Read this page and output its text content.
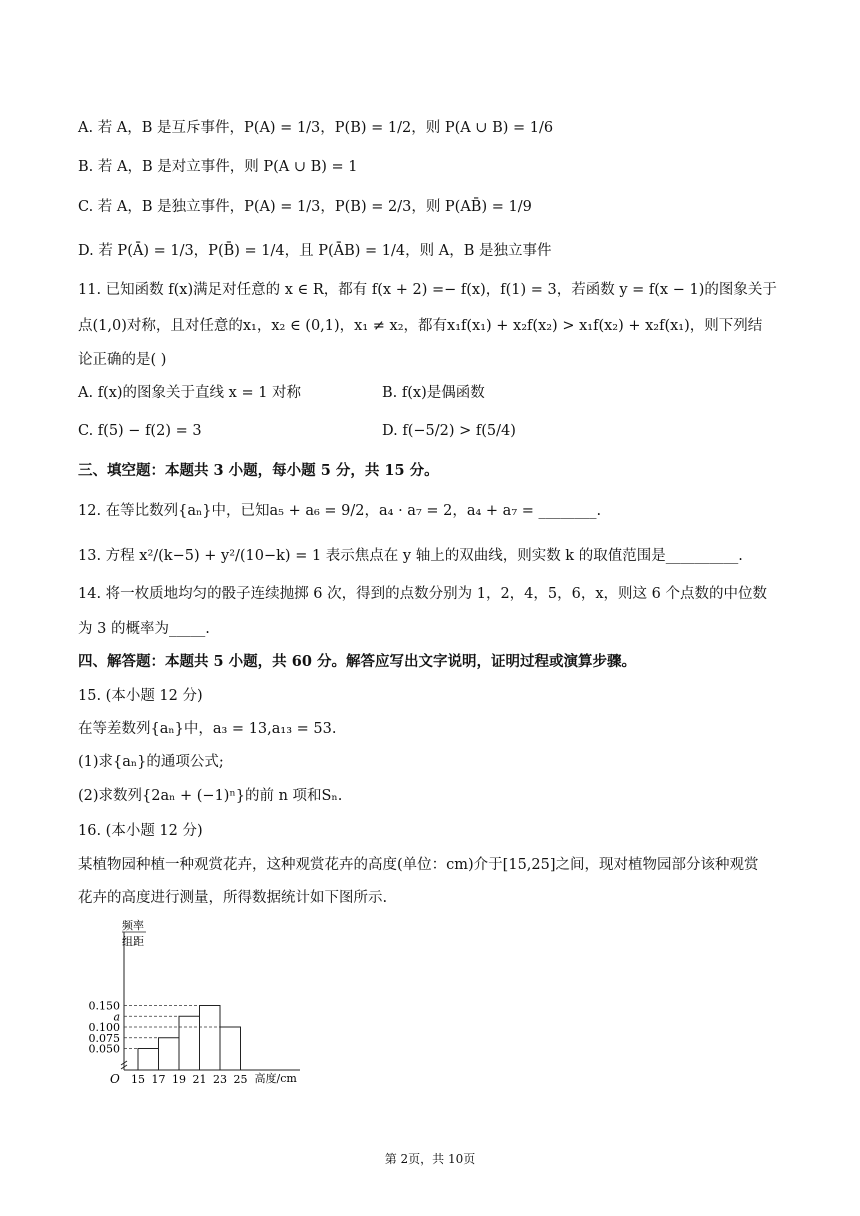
A. 若 A，B 是互斥事件，P(A) = 1/3，P(B) = 1/2，则 P(A ∪ B) = 1/6
B. 若 A，B 是对立事件，则 P(A ∪ B) = 1
C. 若 A，B 是独立事件，P(A) = 1/3，P(B) = 2/3，则 P(AB̄) = 1/9
D. 若 P(Ā) = 1/3，P(B̄) = 1/4，且 P(ĀB) = 1/4，则 A，B 是独立事件
11. 已知函数 f(x)满足对任意的 x ∈ R，都有 f(x + 2) =− f(x)，f(1) = 3，若函数 y = f(x − 1)的图象关于
点(1,0)对称，且对任意的x₁，x₂ ∈ (0,1)，x₁ ≠ x₂，都有x₁f(x₁) + x₂f(x₂) > x₁f(x₂) + x₂f(x₁)，则下列结
论正确的是( )
A. f(x)的图象关于直线 x = 1 对称	B. f(x)是偶函数
C. f(5) − f(2) = 3	D. f(−5/2) > f(5/4)
三、填空题：本题共 3 小题，每小题 5 分，共 15 分。
12. 在等比数列{aₙ}中，已知a₅ + a₆ = 9/2，a₄ · a₇ = 2，a₄ + a₇ = ________.
13. 方程 x²/(k−5) + y²/(10−k) = 1 表示焦点在 y 轴上的双曲线，则实数 k 的取值范围是__________.
14. 将一枚质地均匀的骰子连续抛掷 6 次，得到的点数分别为 1，2，4，5，6，x，则这 6 个点数的中位数
为 3 的概率为_____.
四、解答题：本题共 5 小题，共 60 分。解答应写出文字说明，证明过程或演算步骤。
15. (本小题 12 分)
在等差数列{aₙ}中，a₃ = 13,a₁₃ = 53.
(1)求{aₙ}的通项公式;
(2)求数列{2aₙ + (−1)ⁿ}的前 n 项和Sₙ.
16. (本小题 12 分)
某植物园种植一种观赏花卉，这种观赏花卉的高度(单位：cm)介于[15,25]之间，现对植物园部分该种观赏
花卉的高度进行测量，所得数据统计如下图所示.
O
频率
组距
高度/cm
15 17 19 21 23 25
0.050
0.075
0.100
a
0.150
第 2页，共 10页
